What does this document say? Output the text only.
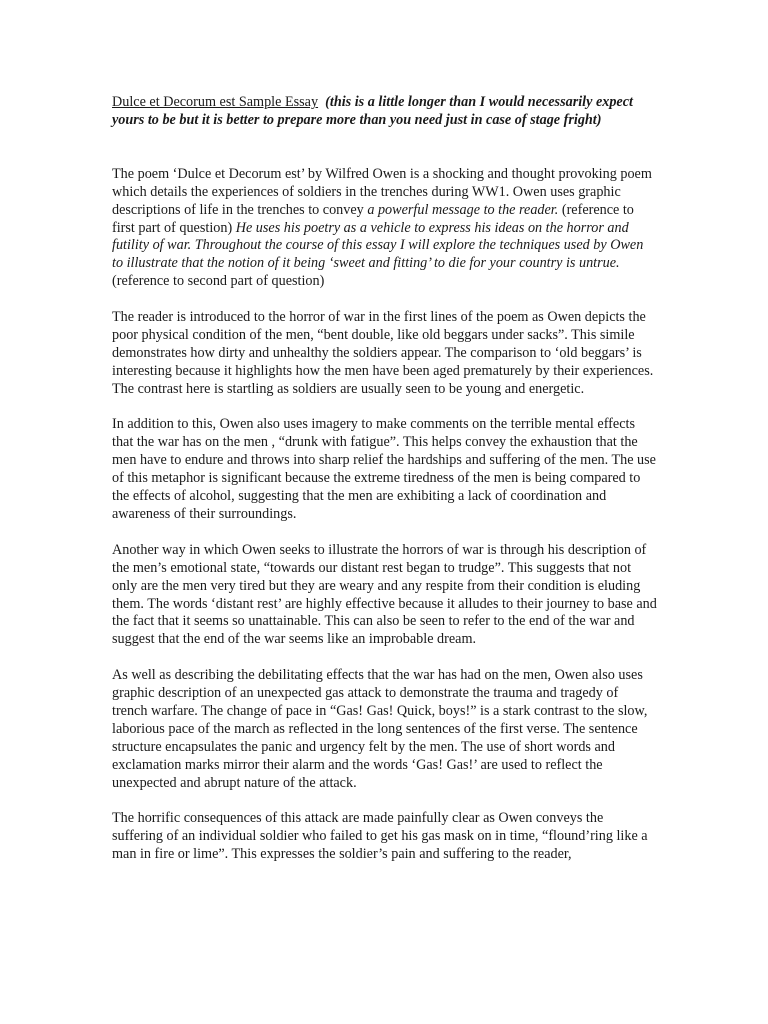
Dulce et Decorum est Sample Essay (this is a little longer than I would necessarily expect yours to be but it is better to prepare more than you need just in case of stage fright)

The poem ‘Dulce et Decorum est’ by Wilfred Owen is a shocking and thought provoking poem which details the experiences of soldiers in the trenches during WW1. Owen uses graphic descriptions of life in the trenches to convey a powerful message to the reader. (reference to first part of question) He uses his poetry as a vehicle to express his ideas on the horror and futility of war. Throughout the course of this essay I will explore the techniques used by Owen to illustrate that the notion of it being ‘sweet and fitting’ to die for your country is untrue. (reference to second part of question)

The reader is introduced to the horror of war in the first lines of the poem as Owen depicts the poor physical condition of the men, “bent double, like old beggars under sacks”. This simile demonstrates how dirty and unhealthy the soldiers appear. The comparison to ‘old beggars’ is interesting because it highlights how the men have been aged prematurely by their experiences. The contrast here is startling as soldiers are usually seen to be young and energetic.

In addition to this, Owen also uses imagery to make comments on the terrible mental effects that the war has on the men , “drunk with fatigue”. This helps convey the exhaustion that the men have to endure and throws into sharp relief the hardships and suffering of the men. The use of this metaphor is significant because the extreme tiredness of the men is being compared to the effects of alcohol, suggesting that the men are exhibiting a lack of coordination and awareness of their surroundings.

Another way in which Owen seeks to illustrate the horrors of war is through his description of the men’s emotional state, “towards our distant rest began to trudge”. This suggests that not only are the men very tired but they are weary and any respite from their condition is eluding them. The words ‘distant rest’ are highly effective because it alludes to their journey to base and the fact that it seems so unattainable. This can also be seen to refer to the end of the war and suggest that the end of the war seems like an improbable dream.

As well as describing the debilitating effects that the war has had on the men, Owen also uses graphic description of an unexpected gas attack to demonstrate the trauma and tragedy of trench warfare. The change of pace in “Gas! Gas! Quick, boys!” is a stark contrast to the slow, laborious pace of the march as reflected in the long sentences of the first verse. The sentence structure encapsulates the panic and urgency felt by the men. The use of short words and exclamation marks mirror their alarm and the words ‘Gas! Gas!’ are used to reflect the unexpected and abrupt nature of the attack.

The horrific consequences of this attack are made painfully clear as Owen conveys the suffering of an individual soldier who failed to get his gas mask on in time, “flound’ring like a man in fire or lime”. This expresses the soldier’s pain and suffering to the reader,
